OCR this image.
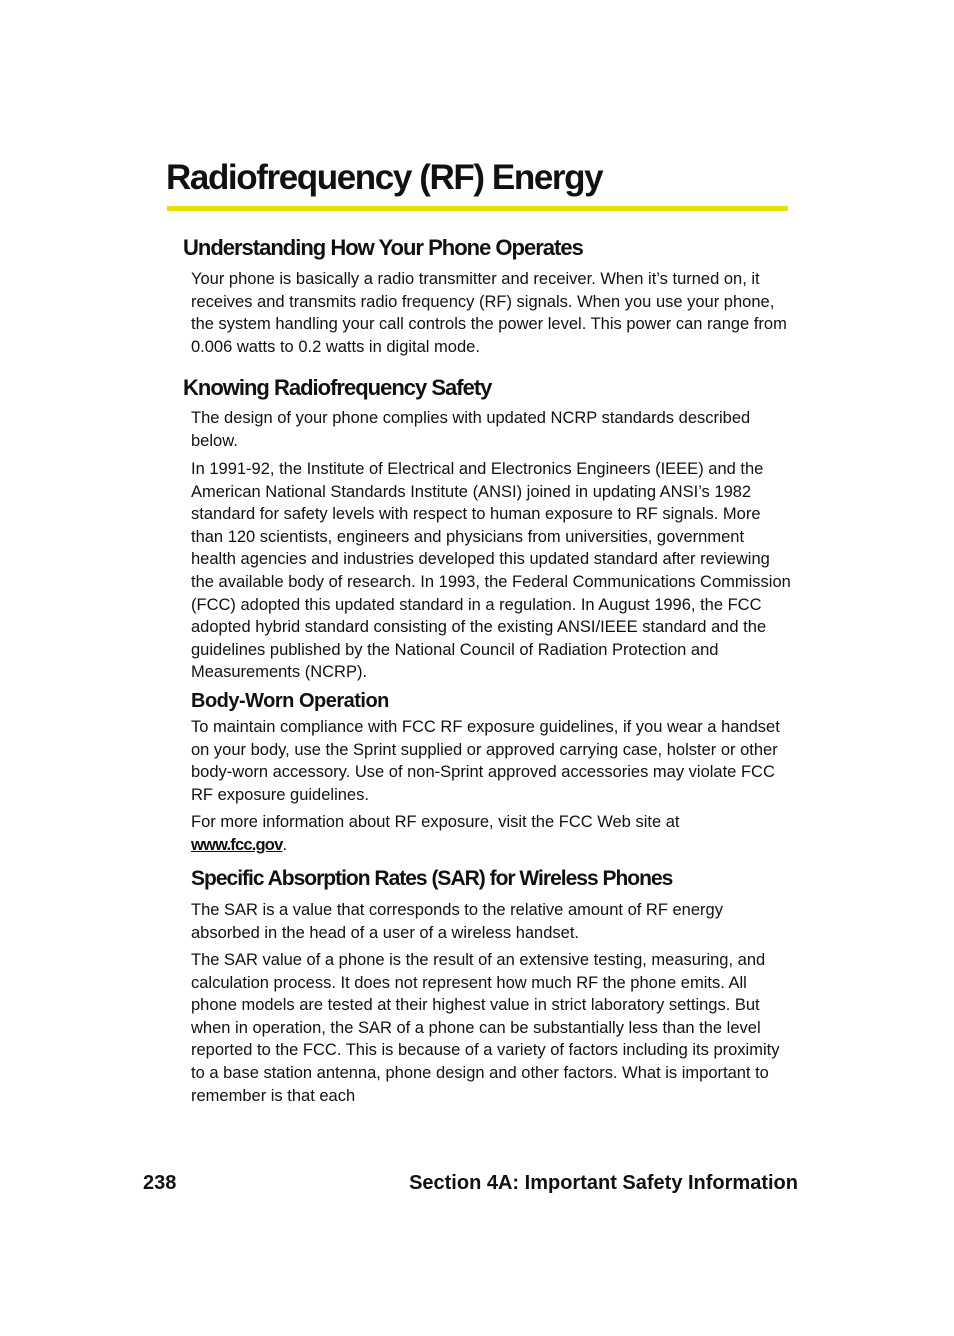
Radiofrequency (RF) Energy
Understanding How Your Phone Operates

Your phone is basically a radio transmitter and receiver. When it’s turned on, it receives and transmits radio frequency (RF) signals. When you use your phone, the system handling your call controls the power level. This power can range from 0.006 watts to 0.2 watts in digital mode.

Knowing Radiofrequency Safety

The design of your phone complies with updated NCRP standards described below.

In 1991-92, the Institute of Electrical and Electronics Engineers (IEEE) and the American National Standards Institute (ANSI) joined in updating ANSI’s 1982 standard for safety levels with respect to human exposure to RF signals. More than 120 scientists, engineers and physicians from universities, government health agencies and industries developed this updated standard after reviewing the available body of research. In 1993, the Federal Communications Commission (FCC) adopted this updated standard in a regulation. In August 1996, the FCC adopted hybrid standard consisting of the existing ANSI/IEEE standard and the guidelines published by the National Council of Radiation Protection and Measurements (NCRP).

Body-Worn Operation

To maintain compliance with FCC RF exposure guidelines, if you wear a handset on your body, use the Sprint supplied or approved carrying case, holster or other body-worn accessory. Use of non-Sprint approved accessories may violate FCC RF exposure guidelines.

For more information about RF exposure, visit the FCC Web site at
www.fcc.gov.

Specific Absorption Rates (SAR) for Wireless Phones

The SAR is a value that corresponds to the relative amount of RF energy absorbed in the head of a user of a wireless handset.

The SAR value of a phone is the result of an extensive testing, measuring, and calculation process. It does not represent how much RF the phone emits. All phone models are tested at their highest value in strict laboratory settings. But when in operation, the SAR of a phone can be substantially less than the level reported to the FCC. This is because of a variety of factors including its proximity to a base station antenna, phone design and other factors. What is important to remember is that each

238	Section 4A: Important Safety Information
